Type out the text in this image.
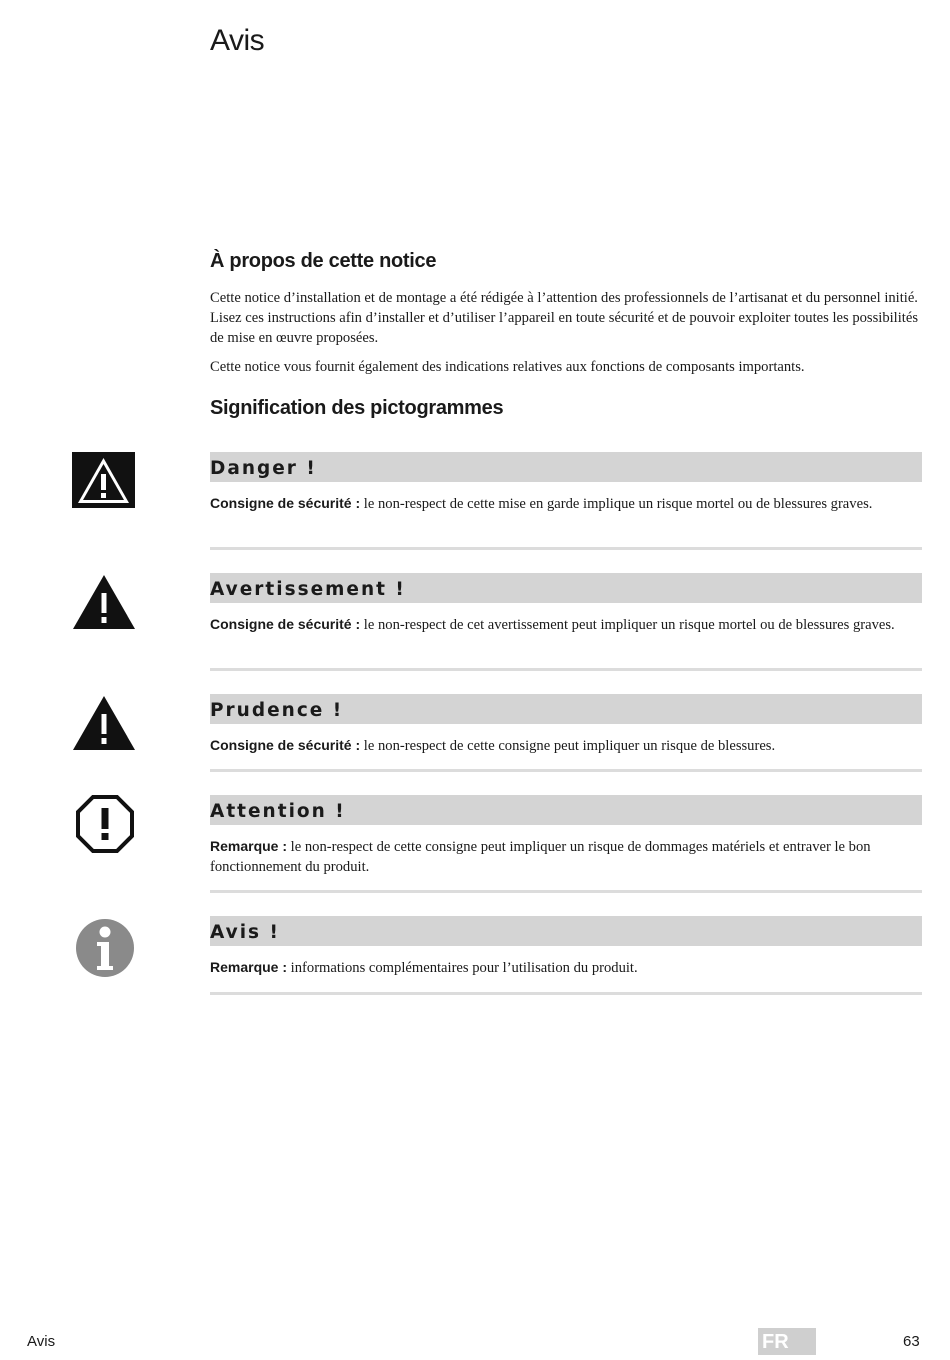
Avis
À propos de cette notice

Cette notice d’installation et de montage a été rédigée à l’attention des professionnels de l’artisanat et du personnel initié. Lisez ces instructions afin d’installer et d’utiliser l’appareil en toute sécurité et de pouvoir exploiter toutes les possibilités de mise en œuvre proposées.

Cette notice vous fournit également des indications relatives aux fonctions de composants importants.

Signification des pictogrammes
Danger !
Consigne de sécurité : le non-respect de cette mise en garde implique un risque mortel ou de blessures graves.
Avertissement !
Consigne de sécurité : le non-respect de cet avertissement peut impliquer un risque mortel ou de blessures graves.
Prudence !
Consigne de sécurité : le non-respect de cette consigne peut impliquer un risque de blessures.
Attention !
Remarque : le non-respect de cette consigne peut impliquer un risque de dommages matériels et entraver le bon fonctionnement du produit.
Avis !
Remarque : informations complémentaires pour l’utilisation du produit.
Avis	FR	63
